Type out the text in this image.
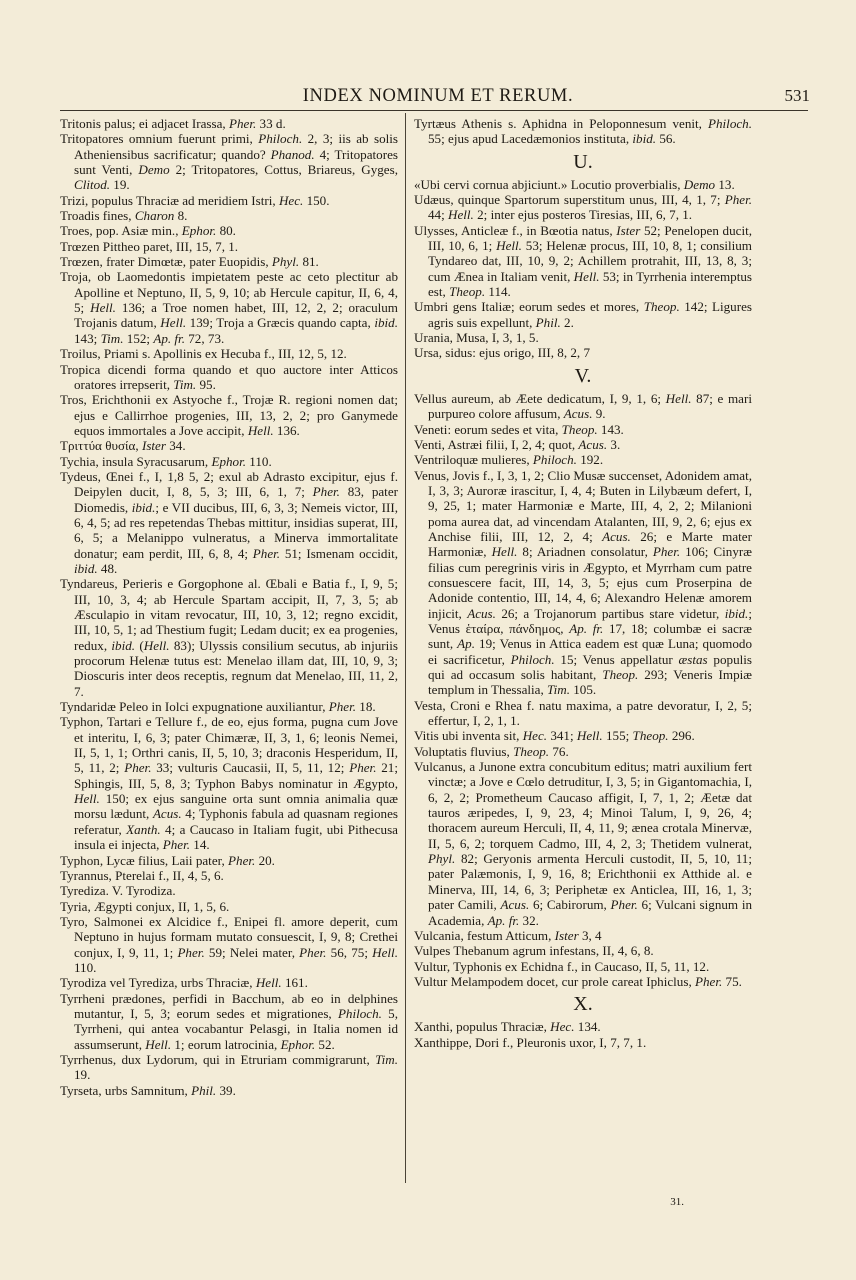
INDEX NOMINUM ET RERUM.	531

Tritonis palus; ei adjacet Irassa, Pher. 33 d.

Tritopatores omnium fuerunt primi, Philoch. 2, 3; iis ab solis Atheniensibus sacrificatur; quando? Phanod. 4; Tritopatores sunt Venti, Demo 2; Tritopatores, Cottus, Briareus, Gyges, Clitod. 19.

Trizi, populus Thraciæ ad meridiem Istri, Hec. 150.

Troadis fines, Charon 8.

Troes, pop. Asiæ min., Ephor. 80.

Trœzen Pittheo paret, III, 15, 7, 1.

Trœzen, frater Dimœtæ, pater Euopidis, Phyl. 81.

Troja, ob Laomedontis impietatem peste ac ceto plectitur ab Apolline et Neptuno, II, 5, 9, 10; ab Hercule capitur, II, 6, 4, 5; Hell. 136; a Troe nomen habet, III, 12, 2, 2; oraculum Trojanis datum, Hell. 139; Troja a Græcis quando capta, ibid. 143; Tim. 152; Ap. fr. 72, 73.

Troilus, Priami s. Apollinis ex Hecuba f., III, 12, 5, 12.

Tropica dicendi forma quando et quo auctore inter Atticos oratores irrepserit, Tim. 95.

Tros, Erichthonii ex Astyoche f., Trojæ R. regioni nomen dat; ejus e Callirrhoe progenies, III, 13, 2, 2; pro Ganymede equos immortales a Jove accipit, Hell. 136.

Τριττύα θυσία, Ister 34.

Tychia, insula Syracusarum, Ephor. 110.

Tydeus, Œnei f., I, 1,8 5, 2; exul ab Adrasto excipitur, ejus f. Deipylen ducit, I, 8, 5, 3; III, 6, 1, 7; Pher. 83, pater Diomedis, ibid.; e VII ducibus, III, 6, 3, 3; Nemeis victor, III, 6, 4, 5; ad res repetendas Thebas mittitur, insidias superat, III, 6, 5; a Melanippo vulneratus, a Minerva immortalitate donatur; eam perdit, III, 6, 8, 4; Pher. 51; Ismenam occidit, ibid. 48.

Tyndareus, Perieris e Gorgophone al. Œbali e Batia f., I, 9, 5; III, 10, 3, 4; ab Hercule Spartam accipit, II, 7, 3, 5; ab Æsculapio in vitam revocatur, III, 10, 3, 12; regno excidit, III, 10, 5, 1; ad Thestium fugit; Ledam ducit; ex ea progenies, redux, ibid. (Hell. 83); Ulyssis consilium secutus, ab injuriis procorum Helenæ tutus est: Menelao illam dat, III, 10, 9, 3; Dioscuris inter deos receptis, regnum dat Menelao, III, 11, 2, 7.

Tyndaridæ Peleo in Iolci expugnatione auxiliantur, Pher. 18.

Typhon, Tartari e Tellure f., de eo, ejus forma, pugna cum Jove et interitu, I, 6, 3; pater Chimæræ, II, 3, 1, 6; leonis Nemei, II, 5, 1, 1; Orthri canis, II, 5, 10, 3; draconis Hesperidum, II, 5, 11, 2; Pher. 33; vulturis Caucasii, II, 5, 11, 12; Pher. 21; Sphingis, III, 5, 8, 3; Typhon Babys nominatur in Ægypto, Hell. 150; ex ejus sanguine orta sunt omnia animalia quæ morsu lædunt, Acus. 4; Typhonis fabula ad quasnam regiones referatur, Xanth. 4; a Caucaso in Italiam fugit, ubi Pithecusa insula ei injecta, Pher. 14.

Typhon, Lycæ filius, Laii pater, Pher. 20.

Tyrannus, Pterelai f., II, 4, 5, 6.

Tyrediza. V. Tyrodiza.

Tyria, Ægypti conjux, II, 1, 5, 6.

Tyro, Salmonei ex Alcidice f., Enipei fl. amore deperit, cum Neptuno in hujus formam mutato consuescit, I, 9, 8; Crethei conjux, I, 9, 11, 1; Pher. 59; Nelei mater, Pher. 56, 75; Hell. 110.

Tyrodiza vel Tyrediza, urbs Thraciæ, Hell. 161.

Tyrrheni prædones, perfidi in Bacchum, ab eo in delphines mutantur, I, 5, 3; eorum sedes et migrationes, Philoch. 5, Tyrrheni, qui antea vocabantur Pelasgi, in Italia nomen id assumserunt, Hell. 1; eorum latrocinia, Ephor. 52.

Tyrrhenus, dux Lydorum, qui in Etruriam commigrarunt, Tim. 19.

Tyrseta, urbs Samnitum, Phil. 39.

Tyrtæus Athenis s. Aphidna in Peloponnesum venit, Philoch. 55; ejus apud Lacedæmonios instituta, ibid. 56.

U.

«Ubi cervi cornua abjiciunt.» Locutio proverbialis, Demo 13.

Udæus, quinque Spartorum superstitum unus, III, 4, 1, 7; Pher. 44; Hell. 2; inter ejus posteros Tiresias, III, 6, 7, 1.

Ulysses, Anticleæ f., in Bœotia natus, Ister 52; Penelopen ducit, III, 10, 6, 1; Hell. 53; Helenæ procus, III, 10, 8, 1; consilium Tyndareo dat, III, 10, 9, 2; Achillem protrahit, III, 13, 8, 3; cum Ænea in Italiam venit, Hell. 53; in Tyrrhenia interemptus est, Theop. 114.

Umbri gens Italiæ; eorum sedes et mores, Theop. 142; Ligures agris suis expellunt, Phil. 2.

Urania, Musa, I, 3, 1, 5.

Ursa, sidus: ejus origo, III, 8, 2, 7

V.

Vellus aureum, ab Æete dedicatum, I, 9, 1, 6; Hell. 87; e mari purpureo colore affusum, Acus. 9.

Veneti: eorum sedes et vita, Theop. 143.

Venti, Astræi filii, I, 2, 4; quot, Acus. 3.

Ventriloquæ mulieres, Philoch. 192.

Venus, Jovis f., I, 3, 1, 2; Clio Musæ succenset, Adonidem amat, I, 3, 3; Auroræ irascitur, I, 4, 4; Buten in Lilybæum defert, I, 9, 25, 1; mater Harmoniæ e Marte, III, 4, 2, 2; Milanioni poma aurea dat, ad vincendam Atalanten, III, 9, 2, 6; ejus ex Anchise filii, III, 12, 2, 4; Acus. 26; e Marte mater Harmoniæ, Hell. 8; Ariadnen consolatur, Pher. 106; Cinyræ filias cum peregrinis viris in Ægypto, et Myrrham cum patre consuescere facit, III, 14, 3, 5; ejus cum Proserpina de Adonide contentio, III, 14, 4, 6; Alexandro Helenæ amorem injicit, Acus. 26; a Trojanorum partibus stare videtur, ibid.; Venus ἑταίρα, πάνδημος, Ap. fr. 17, 18; columbæ ei sacræ sunt, Ap. 19; Venus in Attica eadem est quæ Luna; quomodo ei sacrificetur, Philoch. 15; Venus appellatur æstas populis qui ad occasum solis habitant, Theop. 293; Veneris Impiæ templum in Thessalia, Tim. 105.

Vesta, Croni e Rhea f. natu maxima, a patre devoratur, I, 2, 5; effertur, I, 2, 1, 1.

Vitis ubi inventa sit, Hec. 341; Hell. 155; Theop. 296.

Voluptatis fluvius, Theop. 76.

Vulcanus, a Junone extra concubitum editus; matri auxilium fert vinctæ; a Jove e Cœlo detruditur, I, 3, 5; in Gigantomachia, I, 6, 2, 2; Prometheum Caucaso affigit, I, 7, 1, 2; Æetæ dat tauros æripedes, I, 9, 23, 4; Minoi Talum, I, 9, 26, 4; thoracem aureum Herculi, II, 4, 11, 9; ænea crotala Minervæ, II, 5, 6, 2; torquem Cadmo, III, 4, 2, 3; Thetidem vulnerat, Phyl. 82; Geryonis armenta Herculi custodit, II, 5, 10, 11; pater Palæmonis, I, 9, 16, 8; Erichthonii ex Atthide al. e Minerva, III, 14, 6, 3; Periphetæ ex Anticlea, III, 16, 1, 3; pater Camili, Acus. 6; Cabirorum, Pher. 6; Vulcani signum in Academia, Ap. fr. 32.

Vulcania, festum Atticum, Ister 3, 4

Vulpes Thebanum agrum infestans, II, 4, 6, 8.

Vultur, Typhonis ex Echidna f., in Caucaso, II, 5, 11, 12.

Vultur Melampodem docet, cur prole careat Iphiclus, Pher. 75.

X.

Xanthi, populus Thraciæ, Hec. 134.

Xanthippe, Dori f., Pleuronis uxor, I, 7, 7, 1.

31.
